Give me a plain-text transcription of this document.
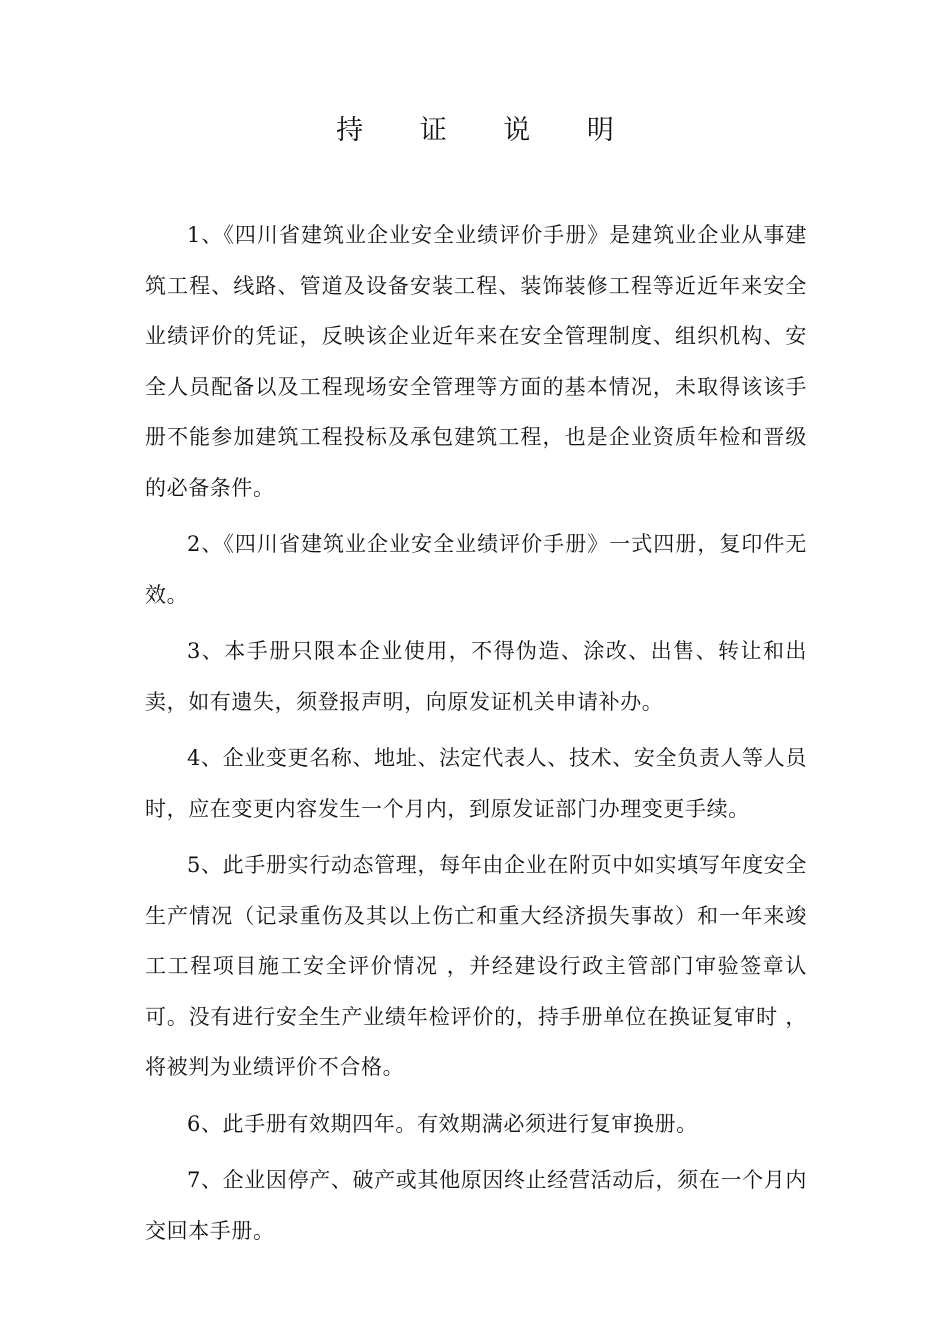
持 证 说 明

1、《四川省建筑业企业安全业绩评价手册》是建筑业企业从事建筑工程、线路、管道及设备安装工程、装饰装修工程等近近年来安全业绩评价的凭证，反映该企业近年来在安全管理制度、组织机构、安全人员配备以及工程现场安全管理等方面的基本情况，未取得该该手册不能参加建筑工程投标及承包建筑工程，也是企业资质年检和晋级的必备条件。

2、《四川省建筑业企业安全业绩评价手册》一式四册，复印件无效。

3、本手册只限本企业使用，不得伪造、涂改、出售、转让和出卖，如有遗失，须登报声明，向原发证机关申请补办。

4、企业变更名称、地址、法定代表人、技术、安全负责人等人员时，应在变更内容发生一个月内，到原发证部门办理变更手续。

5、此手册实行动态管理，每年由企业在附页中如实填写年度安全生产情况（记录重伤及其以上伤亡和重大经济损失事故）和一年来竣工工程项目施工安全评价情况 ，并经建设行政主管部门审验签章认可。没有进行安全生产业绩年检评价的，持手册单位在换证复审时 ，将被判为业绩评价不合格。

6、此手册有效期四年。有效期满必须进行复审换册。

7、企业因停产、破产或其他原因终止经营活动后，须在一个月内交回本手册。
